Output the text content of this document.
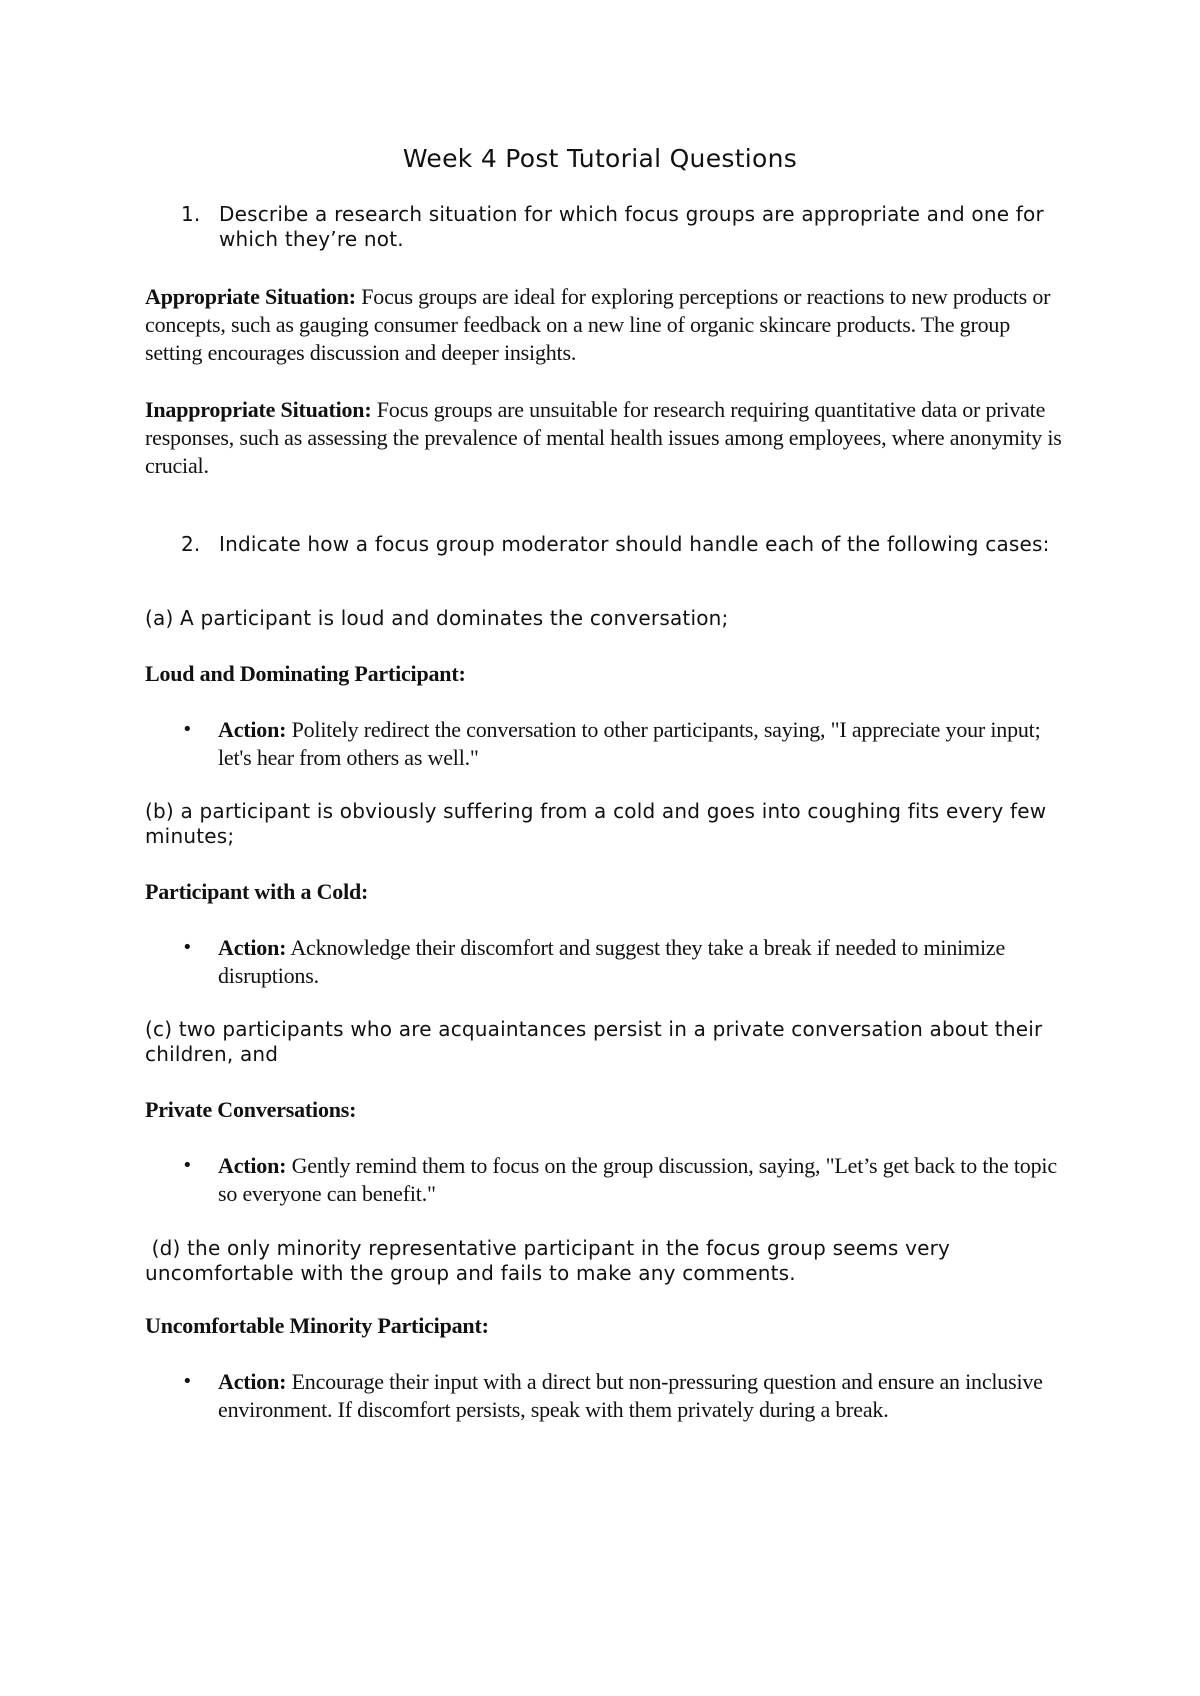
Week 4 Post Tutorial Questions
1. Describe a research situation for which focus groups are appropriate and one for which they’re not.

Appropriate Situation: Focus groups are ideal for exploring perceptions or reactions to new products or concepts, such as gauging consumer feedback on a new line of organic skincare products. The group setting encourages discussion and deeper insights.

Inappropriate Situation: Focus groups are unsuitable for research requiring quantitative data or private responses, such as assessing the prevalence of mental health issues among employees, where anonymity is crucial.

2. Indicate how a focus group moderator should handle each of the following cases:

(a) A participant is loud and dominates the conversation;

Loud and Dominating Participant:

• Action: Politely redirect the conversation to other participants, saying, "I appreciate your input; let's hear from others as well."

(b) a participant is obviously suffering from a cold and goes into coughing fits every few minutes;

Participant with a Cold:

• Action: Acknowledge their discomfort and suggest they take a break if needed to minimize disruptions.

(c) two participants who are acquaintances persist in a private conversation about their children, and

Private Conversations:

• Action: Gently remind them to focus on the group discussion, saying, "Let’s get back to the topic so everyone can benefit."

(d) the only minority representative participant in the focus group seems very uncomfortable with the group and fails to make any comments.

Uncomfortable Minority Participant:

• Action: Encourage their input with a direct but non-pressuring question and ensure an inclusive environment. If discomfort persists, speak with them privately during a break.
